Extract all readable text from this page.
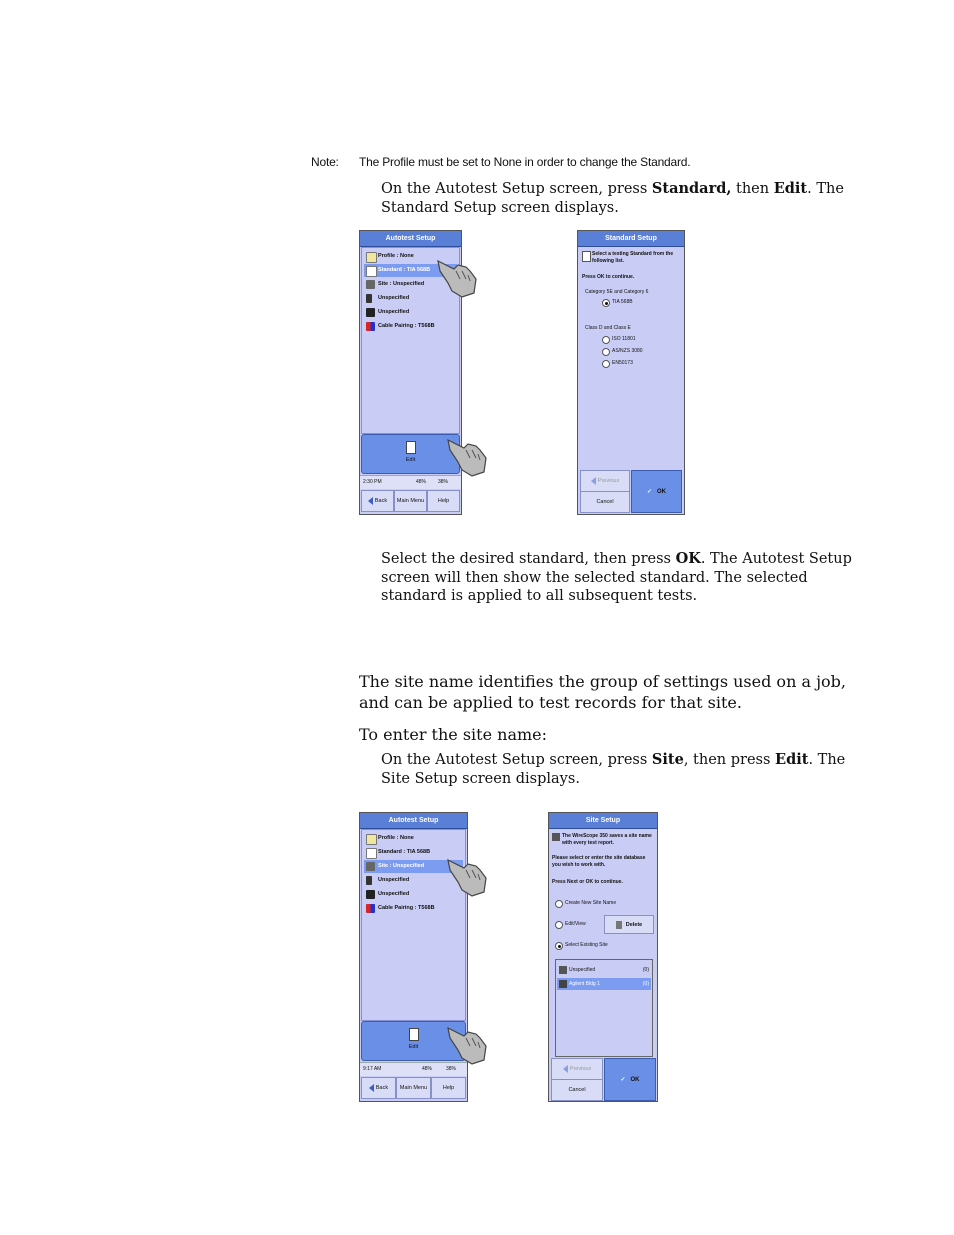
Note: The Profile must be set to None in order to change the Standard.
On the Autotest Setup screen, press Standard, then Edit. The Standard Setup screen displays.
Autotest Setup
Profile : None
Standard : TIA 568B
Site : Unspecified
Unspecified
Unspecified
Cable Pairing : T568B
Edit
2:30 PM	48% 38%
Back Main Menu Help
Standard Setup
Select a testing Standard from the following list.
Press OK to continue.
Category 5E and Category 6
TIA 568B
Class D and Class E
ISO 11801
AS/NZS 3080
EN50173
Previous
Cancel
✓ OK
Select the desired standard, then press OK. The Autotest Setup screen will then show the selected standard. The selected standard is applied to all subsequent tests.
The site name identifies the group of settings used on a job, and can be applied to test records for that site.
To enter the site name:
On the Autotest Setup screen, press Site, then press Edit. The Site Setup screen displays.
Autotest Setup
Profile : None
Standard : TIA 568B
Site : Unspecified
Unspecified
Unspecified
Cable Pairing : T568B
Edit
9:17 AM	48%	38%
Back Main Menu	Help
Site Setup
The WireScope 350 saves a site name with every test report.
Please select or enter the site database you wish to work with.
Press Next or OK to continue.
Create New Site Name
Edit/View	Delete
Select Existing Site
Unspecified	(0)
Agilent Bldg 1	(0)
Previous
Cancel
✓ OK
